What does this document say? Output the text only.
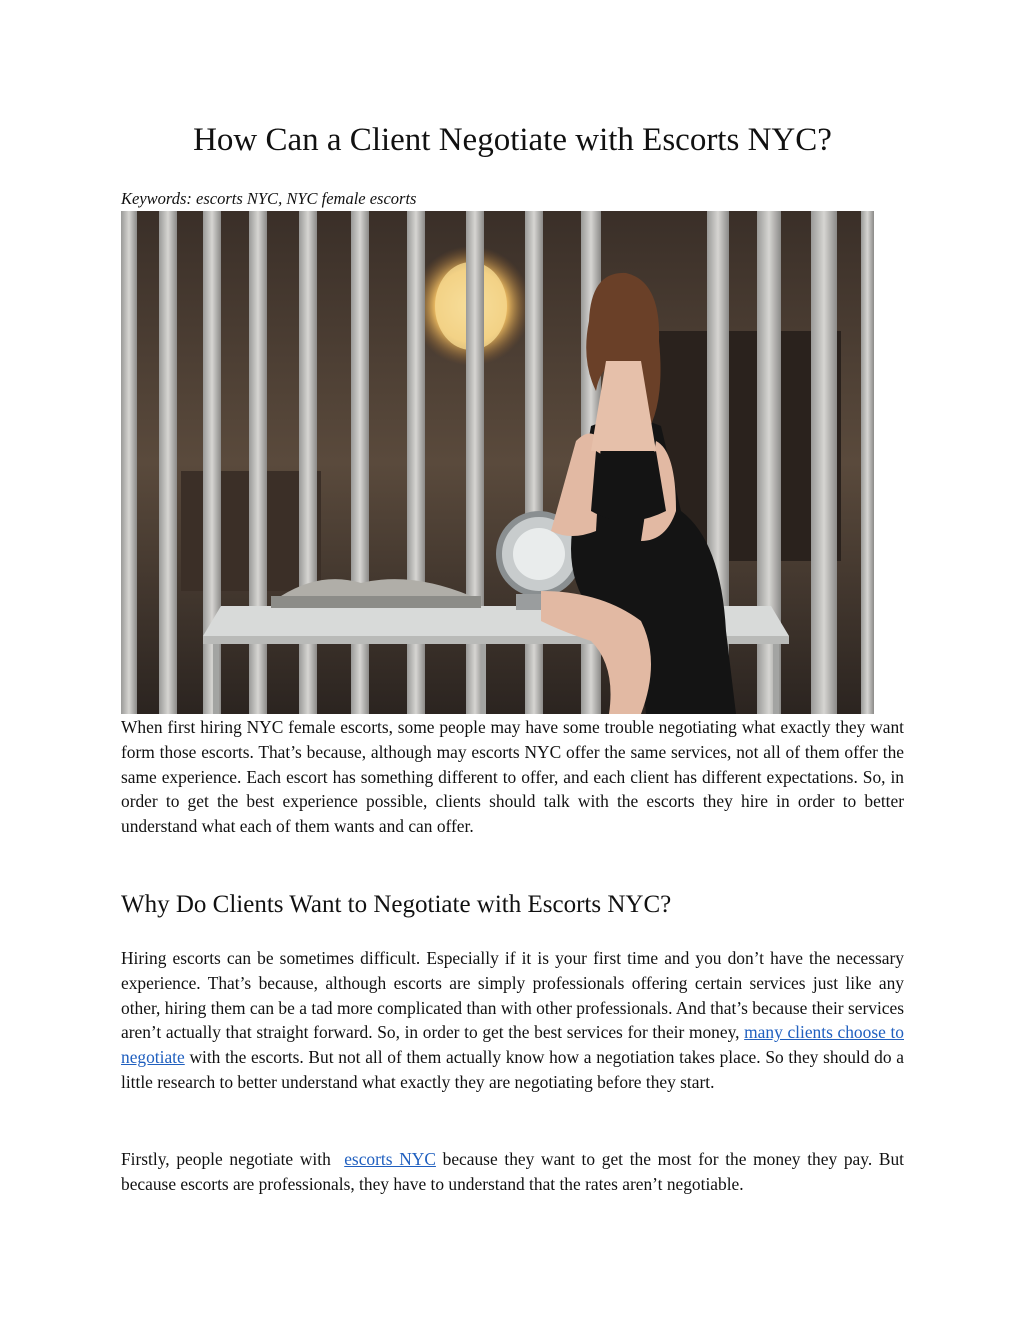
How Can a Client Negotiate with Escorts NYC?

Keywords: escorts NYC, NYC female escorts

When first hiring NYC female escorts, some people may have some trouble negotiating what exactly they want form those escorts. That’s because, although may escorts NYC offer the same services, not all of them offer the same experience. Each escort has something different to offer, and each client has different expectations. So, in order to get the best experience possible, clients should talk with the escorts they hire in order to better understand what each of them wants and can offer.

Why Do Clients Want to Negotiate with Escorts NYC?

Hiring escorts can be sometimes difficult. Especially if it is your first time and you don’t have the necessary experience. That’s because, although escorts are simply professionals offering certain services just like any other, hiring them can be a tad more complicated than with other professionals. And that’s because their services aren’t actually that straight forward. So, in order to get the best services for their money, many clients choose to negotiate with the escorts. But not all of them actually know how a negotiation takes place. So they should do a little research to better understand what exactly they are negotiating before they start.

Firstly, people negotiate with  escorts NYC because they want to get the most for the money they pay. But because escorts are professionals, they have to understand that the rates aren’t negotiable.
